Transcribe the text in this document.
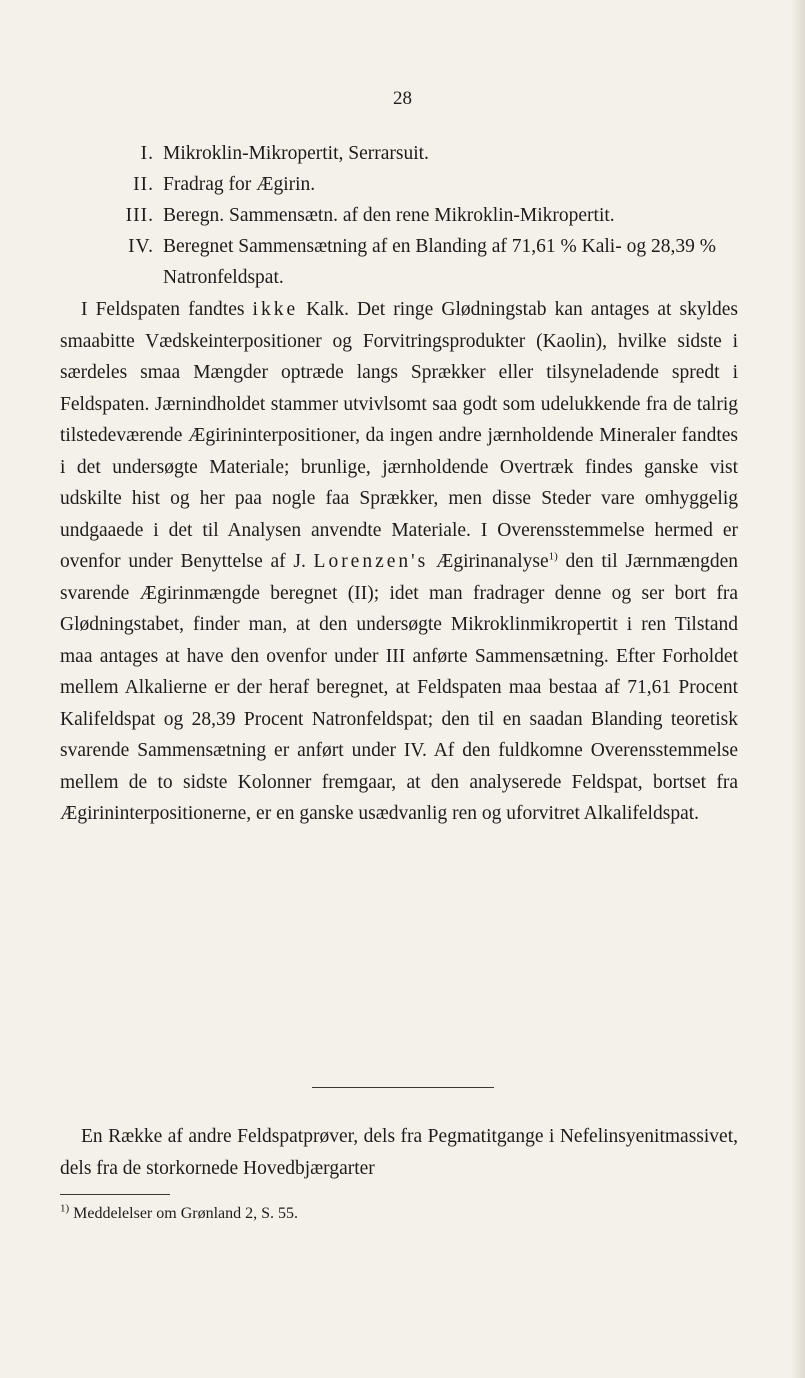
28
I. Mikroklin-Mikropertit, Serrarsuit.
II. Fradrag for Ægirin.
III. Beregn. Sammensætn. af den rene Mikroklin-Mikropertit.
IV. Beregnet Sammensætning af en Blanding af 71,61 % Kali- og 28,39 % Natronfeldspat.

I Feldspaten fandtes ikke Kalk. Det ringe Glødningstab kan antages at skyldes smaabitte Vædskeinterpositioner og Forvitringsprodukter (Kaolin), hvilke sidste i særdeles smaa Mængder optræde langs Sprækker eller tilsyneladende spredt i Feldspaten. Jærnindholdet stammer utvivlsomt saa godt som udelukkende fra de talrig tilstedeværende Ægirininterpositioner, da ingen andre jærnholdende Mineraler fandtes i det undersøgte Materiale; brunlige, jærnholdende Overtræk findes ganske vist udskilte hist og her paa nogle faa Sprækker, men disse Steder vare omhyggelig undgaaede i det til Analysen anvendte Materiale. I Overensstemmelse hermed er ovenfor under Benyttelse af J. Lorenzen's Ægirinanalyse$^{1)}$ den til Jærnmængden svarende Ægirinmængde beregnet (II); idet man fradrager denne og ser bort fra Glødningstabet, finder man, at den undersøgte Mikroklinmikropertit i ren Tilstand maa antages at have den ovenfor under III anførte Sammensætning. Efter Forholdet mellem Alkalierne er der heraf beregnet, at Feldspaten maa bestaa af 71,61 Procent Kalifeldspat og 28,39 Procent Natronfeldspat; den til en saadan Blanding teoretisk svarende Sammensætning er anført under IV. Af den fuldkomne Overensstemmelse mellem de to sidste Kolonner fremgaar, at den analyserede Feldspat, bortset fra Ægirininterpositionerne, er en ganske usædvanlig ren og uforvitret Alkalifeldspat.

En Række af andre Feldspatprøver, dels fra Pegmatitgange i Nefelinsyenitmassivet, dels fra de storkornede Hovedbjærgarter

$^{1)}$ Meddelelser om Grønland 2, S. 55.
